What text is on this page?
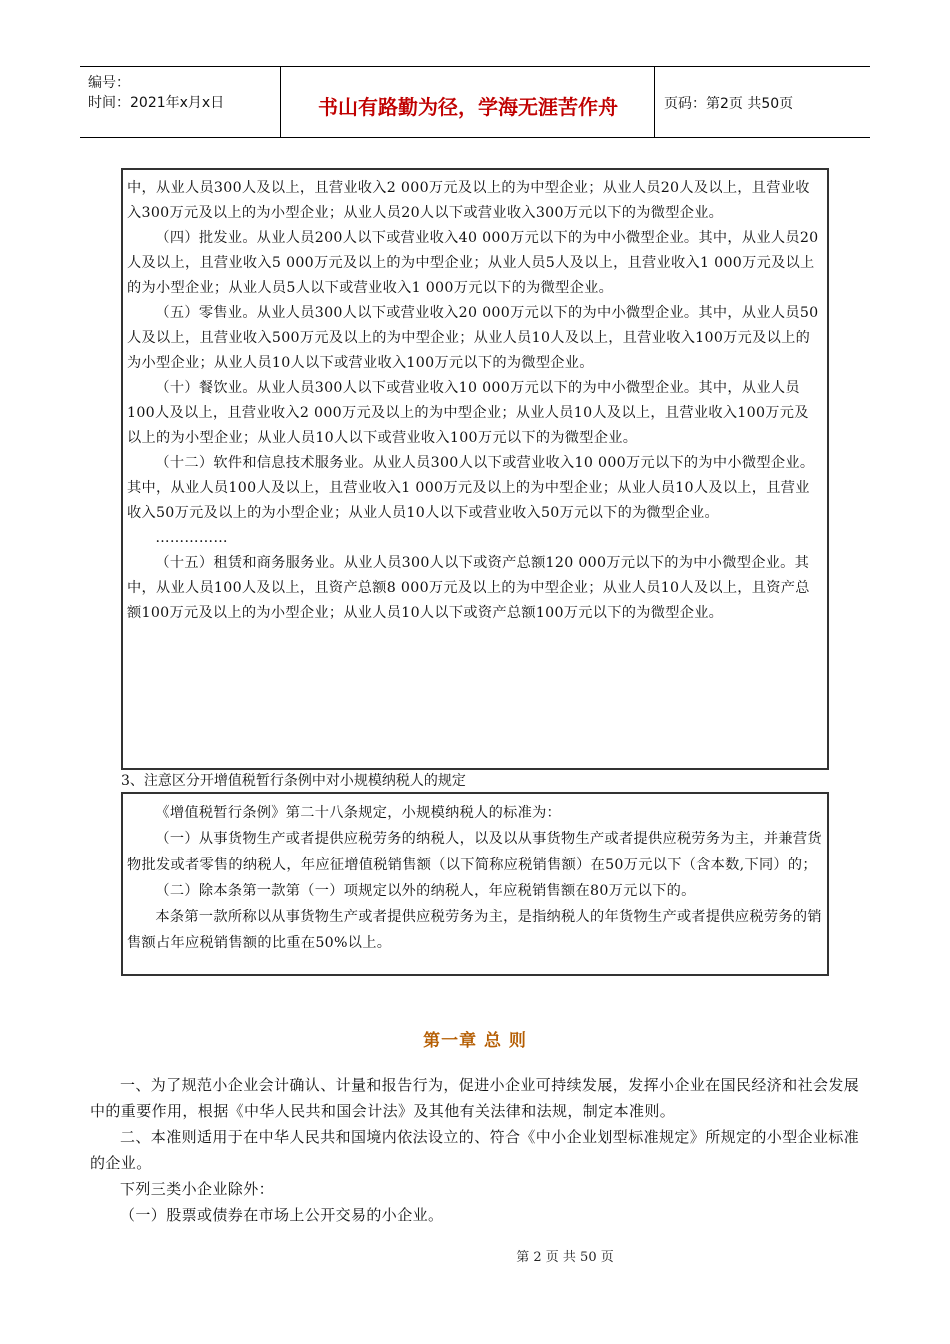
编号：
时间：2021年x月x日	书山有路勤为径，学海无涯苦作舟	页码：第2页 共50页

中，从业人员300人及以上，且营业收入2 000万元及以上的为中型企业；从业人员20人及以上，且营业收入300万元及以上的为小型企业；从业人员20人以下或营业收入300万元以下的为微型企业。

（四）批发业。从业人员200人以下或营业收入40 000万元以下的为中小微型企业。其中，从业人员20人及以上，且营业收入5 000万元及以上的为中型企业；从业人员5人及以上，且营业收入1 000万元及以上的为小型企业；从业人员5人以下或营业收入1 000万元以下的为微型企业。

（五）零售业。从业人员300人以下或营业收入20 000万元以下的为中小微型企业。其中，从业人员50人及以上，且营业收入500万元及以上的为中型企业；从业人员10人及以上，且营业收入100万元及以上的为小型企业；从业人员10人以下或营业收入100万元以下的为微型企业。

（十）餐饮业。从业人员300人以下或营业收入10 000万元以下的为中小微型企业。其中，从业人员100人及以上，且营业收入2 000万元及以上的为中型企业；从业人员10人及以上，且营业收入100万元及以上的为小型企业；从业人员10人以下或营业收入100万元以下的为微型企业。

（十二）软件和信息技术服务业。从业人员300人以下或营业收入10 000万元以下的为中小微型企业。其中，从业人员100人及以上，且营业收入1 000万元及以上的为中型企业；从业人员10人及以上，且营业收入50万元及以上的为小型企业；从业人员10人以下或营业收入50万元以下的为微型企业。

……………

（十五）租赁和商务服务业。从业人员300人以下或资产总额120 000万元以下的为中小微型企业。其中，从业人员100人及以上，且资产总额8 000万元及以上的为中型企业；从业人员10人及以上，且资产总额100万元及以上的为小型企业；从业人员10人以下或资产总额100万元以下的为微型企业。

3、注意区分开增值税暂行条例中对小规模纳税人的规定

《增值税暂行条例》第二十八条规定，小规模纳税人的标准为：

（一）从事货物生产或者提供应税劳务的纳税人，以及以从事货物生产或者提供应税劳务为主，并兼营货物批发或者零售的纳税人，年应征增值税销售额（以下简称应税销售额）在50万元以下（含本数,下同）的；

（二）除本条第一款第（一）项规定以外的纳税人，年应税销售额在80万元以下的。

本条第一款所称以从事货物生产或者提供应税劳务为主，是指纳税人的年货物生产或者提供应税劳务的销售额占年应税销售额的比重在50%以上。

第一章 总 则

一、为了规范小企业会计确认、计量和报告行为，促进小企业可持续发展，发挥小企业在国民经济和社会发展中的重要作用，根据《中华人民共和国会计法》及其他有关法律和法规，制定本准则。

二、本准则适用于在中华人民共和国境内依法设立的、符合《中小企业划型标准规定》所规定的小型企业标准的企业。

下列三类小企业除外：

（一）股票或债券在市场上公开交易的小企业。

第 2 页 共 50 页
